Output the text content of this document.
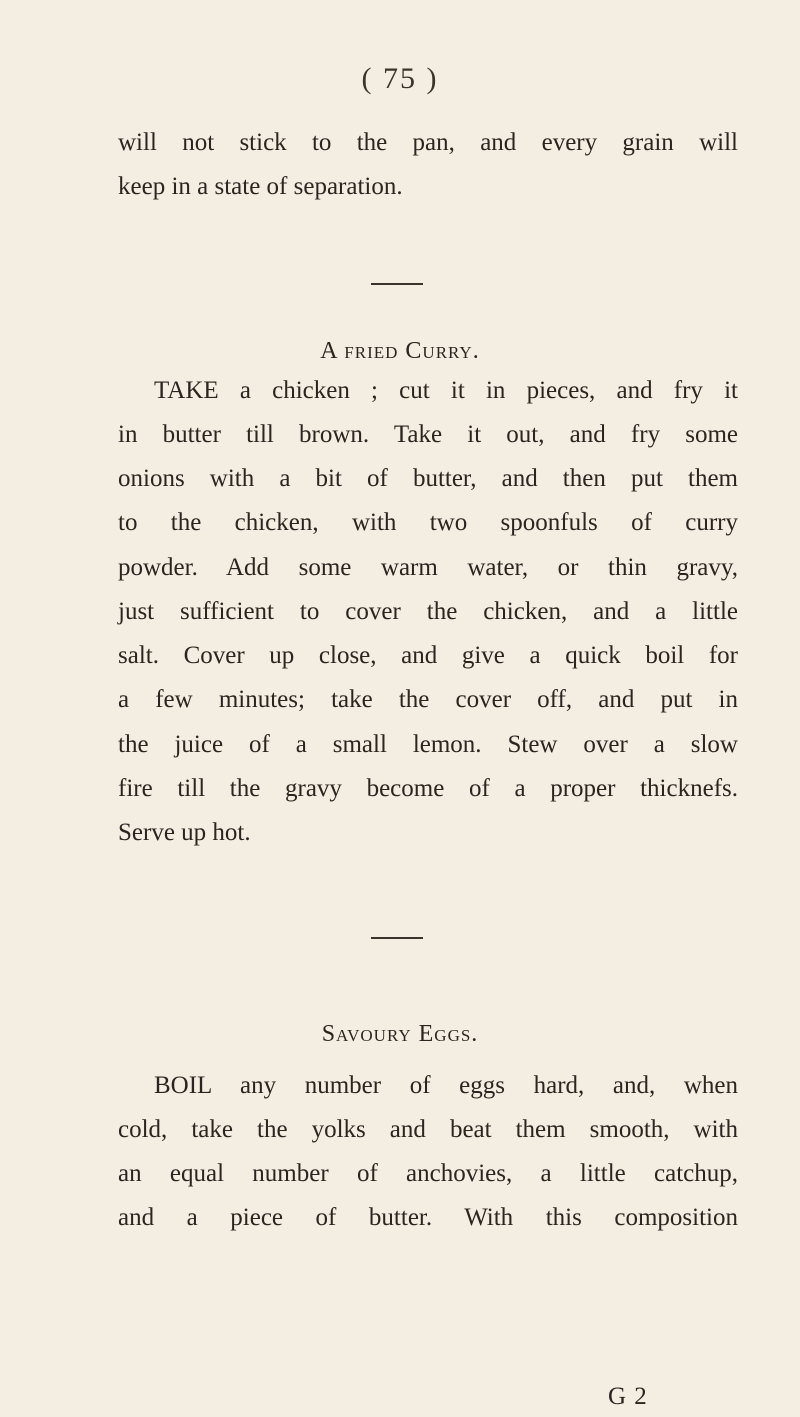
( 75 )
will not stick to the pan, and every grain will
keep in a state of separation.
A fried Curry.
TAKE a chicken ; cut it in pieces, and fry it
in butter till brown. Take it out, and fry some
onions with a bit of butter, and then put them
to the chicken, with two spoonfuls of curry
powder. Add some warm water, or thin gravy,
just sufficient to cover the chicken, and a little
salt. Cover up close, and give a quick boil for
a few minutes; take the cover off, and put in
the juice of a small lemon. Stew over a slow
fire till the gravy become of a proper thicknefs.
Serve up hot.
Savoury Eggs.
BOIL any number of eggs hard, and, when
cold, take the yolks and beat them smooth, with
an equal number of anchovies, a little catchup,
and a piece of butter. With this composition
G 2
